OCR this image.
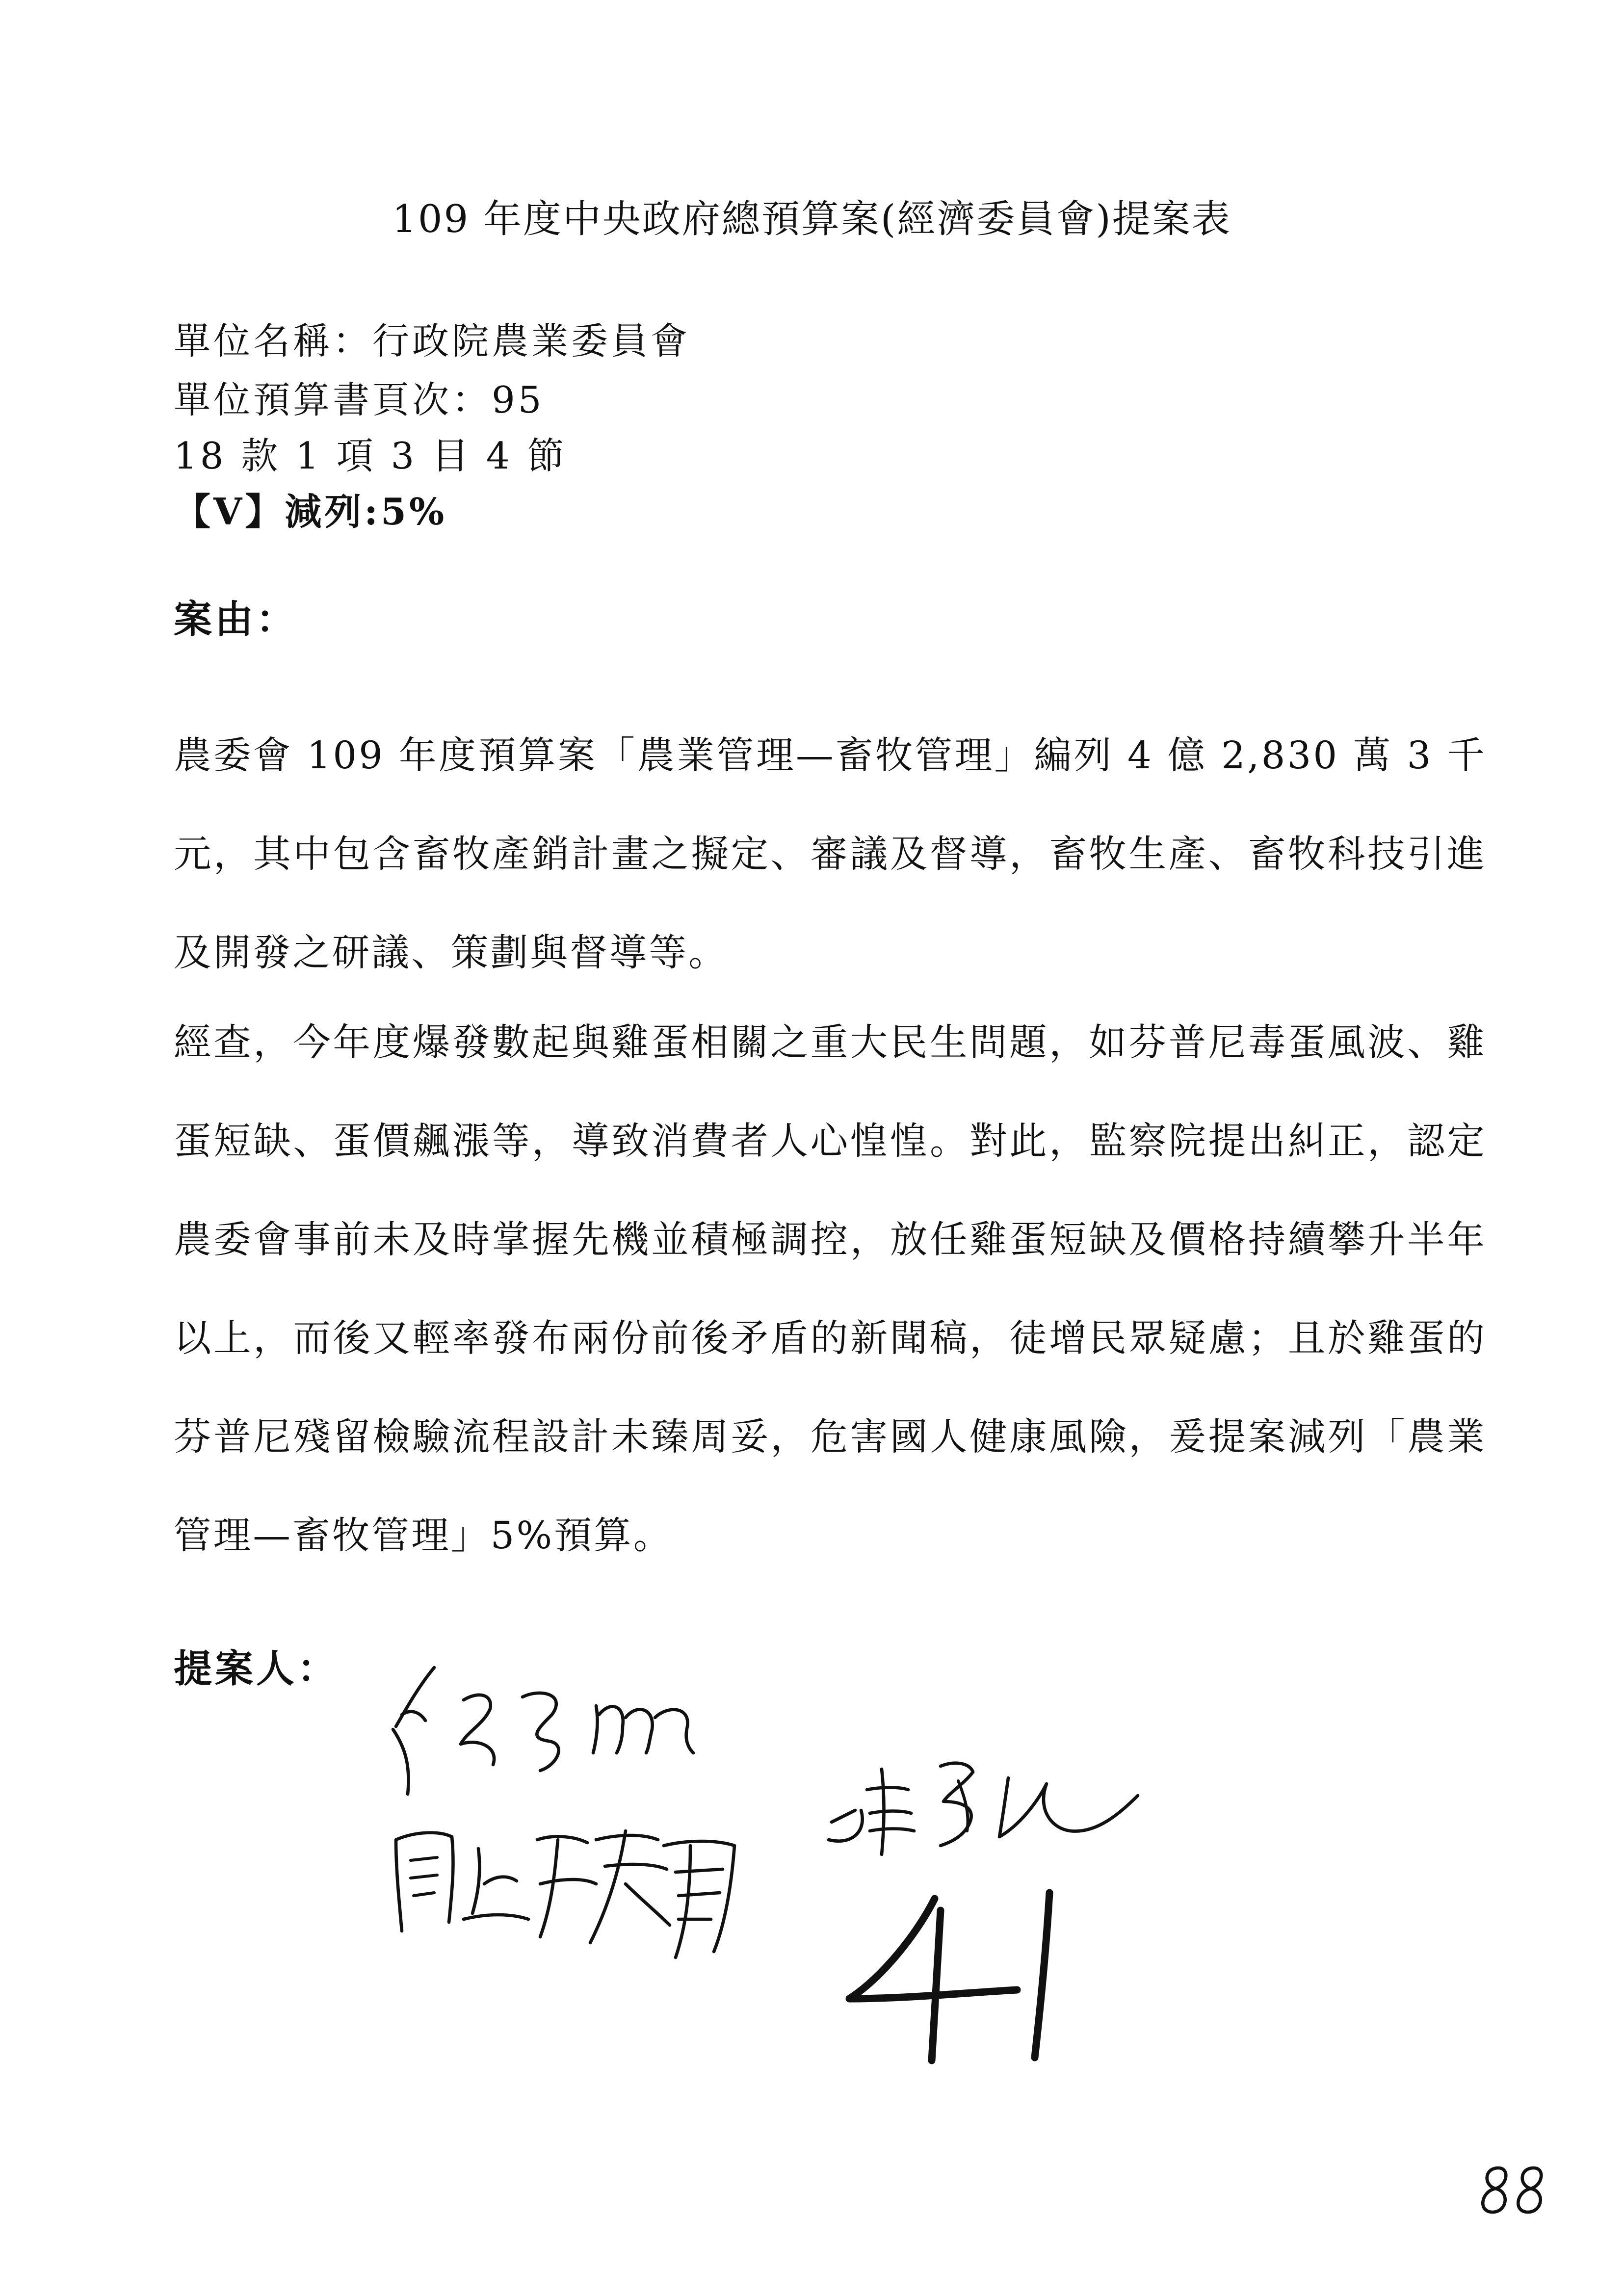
109 年度中央政府總預算案(經濟委員會)提案表
單位名稱：行政院農業委員會
單位預算書頁次：95
18 款 1 項 3 目 4 節
【V】減列:5%
案由：
農委會 109 年度預算案「農業管理—畜牧管理」編列 4 億 2,830 萬 3 千元，其中包含畜牧產銷計畫之擬定、審議及督導，畜牧生產、畜牧科技引進及開發之研議、策劃與督導等。
經查，今年度爆發數起與雞蛋相關之重大民生問題，如芬普尼毒蛋風波、雞蛋短缺、蛋價飆漲等，導致消費者人心惶惶。對此，監察院提出糾正，認定農委會事前未及時掌握先機並積極調控，放任雞蛋短缺及價格持續攀升半年以上，而後又輕率發布兩份前後矛盾的新聞稿，徒增民眾疑慮；且於雞蛋的芬普尼殘留檢驗流程設計未臻周妥，危害國人健康風險，爰提案減列「農業管理—畜牧管理」5%預算。
提案人：
